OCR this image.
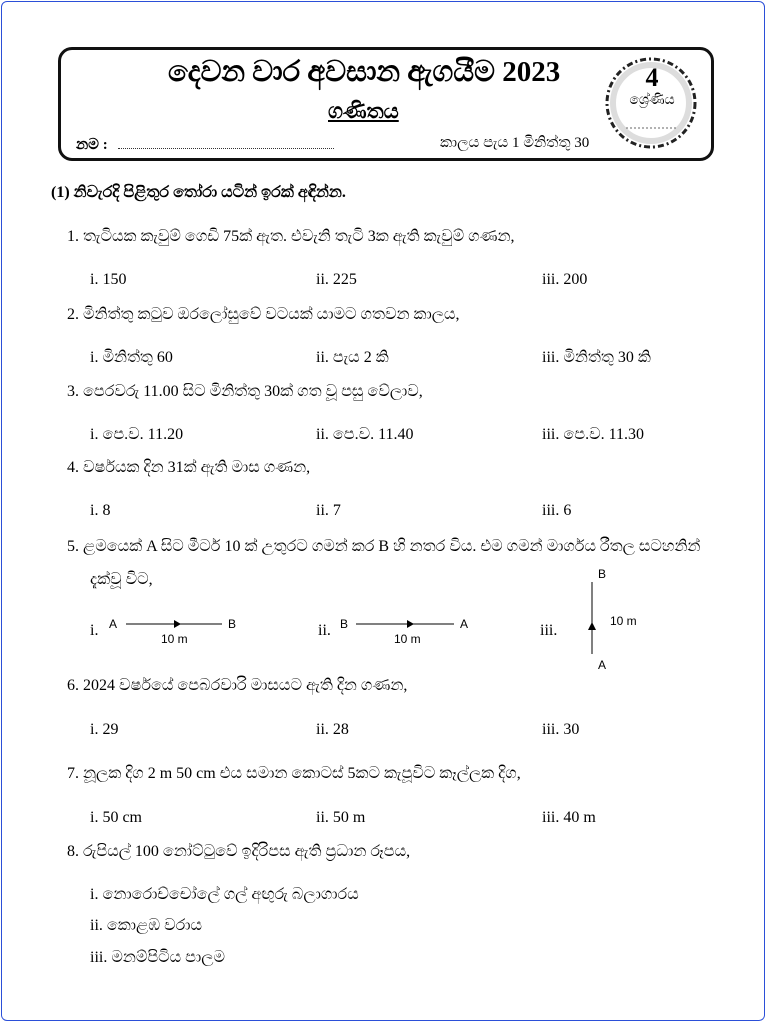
දෙවන වාර අවසාන ඇගයීම 2023
ගණිතය
නම :	කාලය පැය 1 මිනිත්තු 30
4
ශ්‍රේණිය
(1) නිවැරදි පිළිතුර තෝරා යටින් ඉරක් අඳින්න.
1. තැටියක කැවුම් ගෙඩි 75ක් ඇත. එවැනි තැටි 3ක ඇති කැවුම් ගණන,
i. 150	ii. 225	iii. 200
2. මිනිත්තු කටුව ඔරලෝසුවේ වටයක් යාමට ගතවන කාලය,
i. මිනිත්තු 60	ii. පැය 2 කි	iii. මිනිත්තු 30 කි
3. පෙරවරු 11.00 සිට මිනිත්තු 30ක් ගත වූ පසු වේලාව,
i. පෙ.ව. 11.20	ii. පෙ.ව. 11.40	iii. පෙ.ව. 11.30
4. වර්ෂයක දින 31ක් ඇති මාස ගණන,
i. 8	ii. 7	iii. 6
5. ළමයෙක් A සිට මීටර් 10 ක් උතුරට ගමන් කර B හි නතර විය. එම ගමන් මාර්ගය රීතල සටහනින්
දැක්වූ විට,
i. A	B
10 m	ii. B	A
10 m	iii.
B
A
10 m
6. 2024 වර්ෂයේ පෙබරවාරි මාසයට ඇති දින ගණන,
i. 29	ii. 28	iii. 30
7. නූලක දිග 2 m 50 cm එය සමාන කොටස් 5කට කැපූවිට කෑල්ලක දිග,
i. 50 cm	ii. 50 m	iii. 40 m
8. රුපියල් 100 නෝට්ටුවේ ඉදිරිපස ඇති ප්‍රධාන රූපය,
i. නොරොච්චෝලේ ගල් අඟුරු බලාගාරය
ii. කොළඹ වරාය
iii. මනම්පිටිය පාලම
